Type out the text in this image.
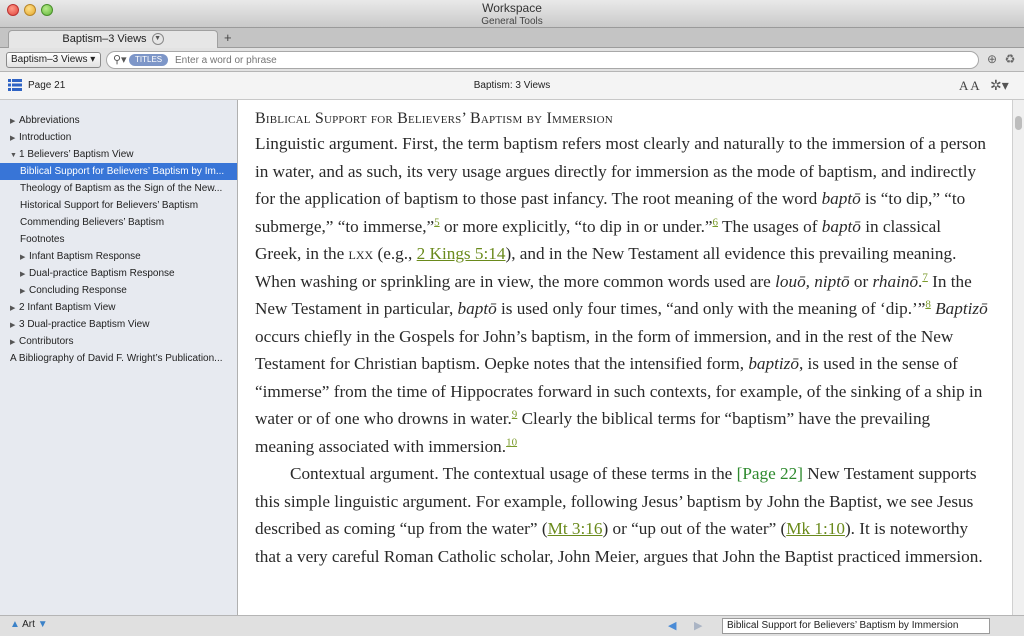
Workspace
General Tools
Baptism–3 Views ▼	+
Baptism–3 Views ▾	⚲▾	TITLES
Enter a word or phrase	⊕ ♻
Page 21	Baptism: 3 Views	A A ✲▾
▶ Abbreviations
▶ Introduction
▼ 1 Believers’ Baptism View
Biblical Support for Believers’ Baptism by Im...
Theology of Baptism as the Sign of the New...
Historical Support for Believers’ Baptism
Commending Believers’ Baptism
Footnotes
▶ Infant Baptism Response
▶ Dual-practice Baptism Response
▶ Concluding Response
▶ 2 Infant Baptism View
▶ 3 Dual-practice Baptism View
▶ Contributors
A Bibliography of David F. Wright’s Publication...
Biblical Support for Believers’ Baptism by Immersion

Linguistic argument. First, the term baptism refers most clearly and naturally to the immersion of a person in water, and as such, its very usage argues directly for immersion as the mode of baptism, and indirectly for the application of baptism to those past infancy. The root meaning of the word baptō is “to dip,” “to submerge,” “to immerse,”$^5$ or more explicitly, “to dip in or under.”$^6$ The usages of baptō in classical Greek, in the lxx (e.g., 2 Kings 5:14), and in the New Testament all evidence this prevailing meaning. When washing or sprinkling are in view, the more common words used are louō, niptō or rhainō.$^7$ In the New Testament in particular, baptō is used only four times, “and only with the meaning of ‘dip.’”$^8$ Baptizō occurs chiefly in the Gospels for John’s baptism, in the form of immersion, and in the rest of the New Testament for Christian baptism. Oepke notes that the intensified form, baptizō, is used in the sense of “immerse” from the time of Hippocrates forward in such contexts, for example, of the sinking of a ship in water or of one who drowns in water.$^9$ Clearly the biblical terms for “baptism” have the prevailing meaning associated with immersion.$^{10}$

Contextual argument. The contextual usage of these terms in the [Page 22] New Testament supports this simple linguistic argument. For example, following Jesus’ baptism by John the Baptist, we see Jesus described as coming “up from the water” (Mt 3:16) or “up out of the water” (Mk 1:10). It is noteworthy that a very careful Roman Catholic scholar, John Meier, argues that John the Baptist practiced immersion.

▲ Art ▼	◀ ▶	Biblical Support for Believers’ Baptism by Immersion
